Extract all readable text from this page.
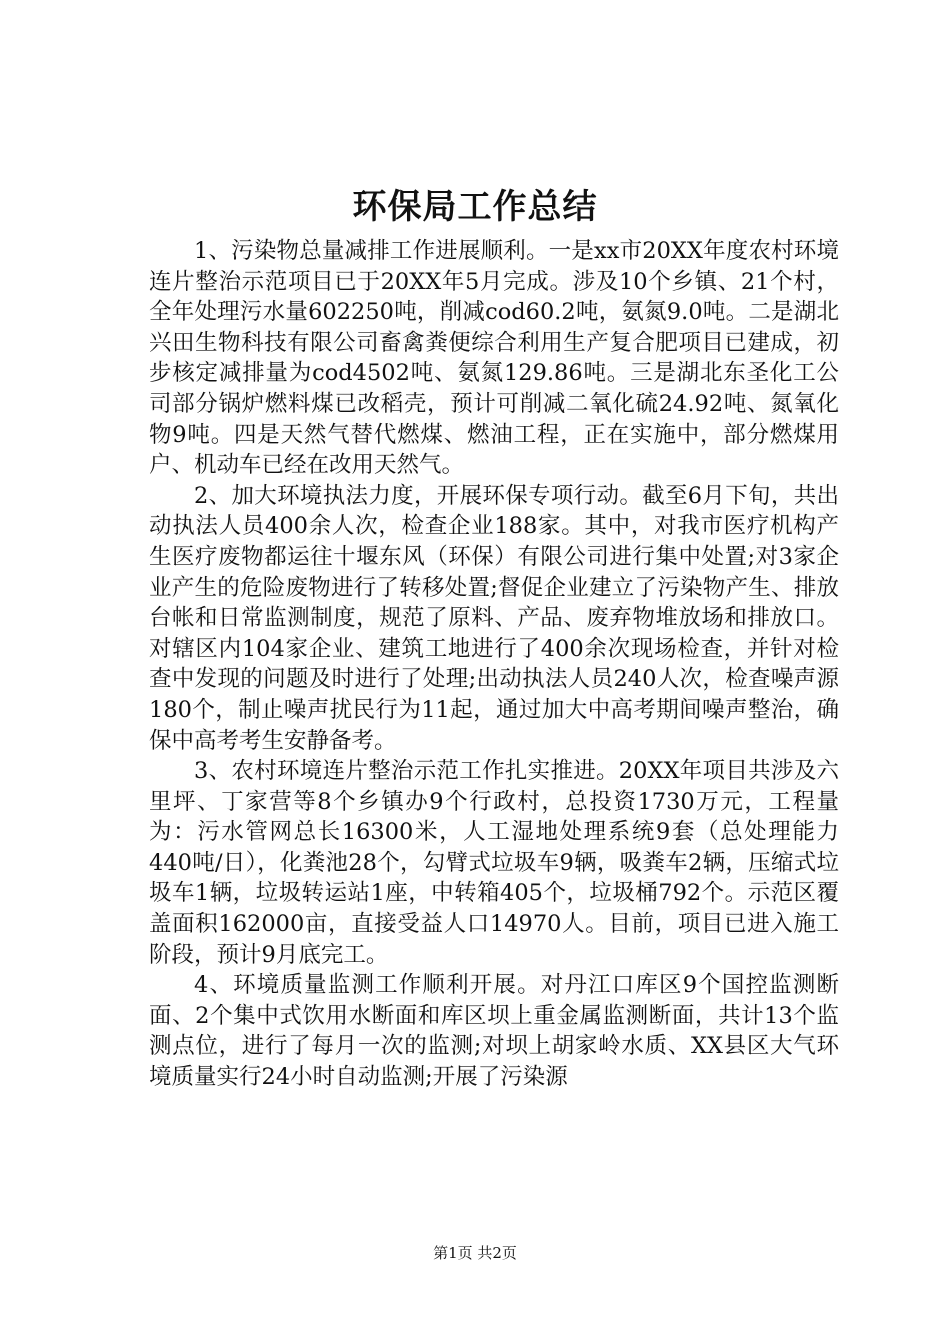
环保局工作总结

1、污染物总量减排工作进展顺利。一是xx市20XX年度农村环境连片整治示范项目已于20XX年5月完成。涉及10个乡镇、21个村，全年处理污水量602250吨，削减cod60.2吨，氨氮9.0吨。二是湖北兴田生物科技有限公司畜禽粪便综合利用生产复合肥项目已建成，初步核定减排量为cod4502吨、氨氮129.86吨。三是湖北东圣化工公司部分锅炉燃料煤已改稻壳，预计可削减二氧化硫24.92吨、氮氧化物9吨。四是天然气替代燃煤、燃油工程，正在实施中，部分燃煤用户、机动车已经在改用天然气。

2、加大环境执法力度，开展环保专项行动。截至6月下旬，共出动执法人员400余人次，检查企业188家。其中，对我市医疗机构产生医疗废物都运往十堰东风（环保）有限公司进行集中处置;对3家企业产生的危险废物进行了转移处置;督促企业建立了污染物产生、排放台帐和日常监测制度，规范了原料、产品、废弃物堆放场和排放口。对辖区内104家企业、建筑工地进行了400余次现场检查，并针对检查中发现的问题及时进行了处理;出动执法人员240人次，检查噪声源180个，制止噪声扰民行为11起，通过加大中高考期间噪声整治，确保中高考考生安静备考。

3、农村环境连片整治示范工作扎实推进。20XX年项目共涉及六里坪、丁家营等8个乡镇办9个行政村，总投资1730万元，工程量为：污水管网总长16300米，人工湿地处理系统9套（总处理能力440吨/日），化粪池28个，勾臂式垃圾车9辆，吸粪车2辆，压缩式垃圾车1辆，垃圾转运站1座，中转箱405个，垃圾桶792个。示范区覆盖面积162000亩，直接受益人口14970人。目前，项目已进入施工阶段，预计9月底完工。

4、环境质量监测工作顺利开展。对丹江口库区9个国控监测断面、2个集中式饮用水断面和库区坝上重金属监测断面，共计13个监测点位，进行了每月一次的监测;对坝上胡家岭水质、XX县区大气环境质量实行24小时自动监测;开展了污染源

第1页 共2页
